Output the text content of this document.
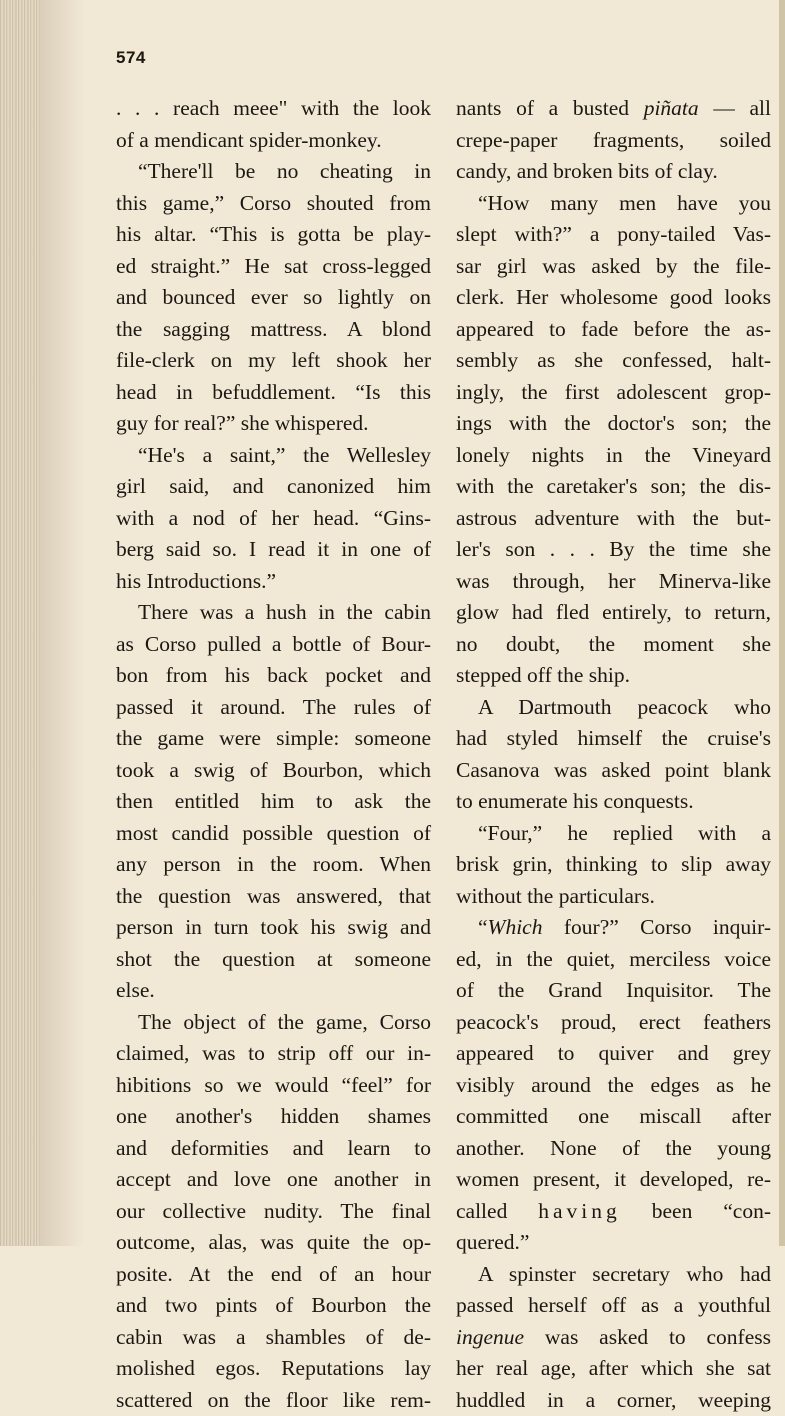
574
. . . reach meee" with the look
of a mendicant spider-monkey.
“There'll be no cheating in
this game,” Corso shouted from
his altar. “This is gotta be play-
ed straight.” He sat cross-legged
and bounced ever so lightly on
the sagging mattress. A blond
file-clerk on my left shook her
head in befuddlement. “Is this
guy for real?” she whispered.
“He's a saint,” the Wellesley
girl said, and canonized him
with a nod of her head. “Gins-
berg said so. I read it in one of
his Introductions.”
There was a hush in the cabin
as Corso pulled a bottle of Bour-
bon from his back pocket and
passed it around. The rules of
the game were simple: someone
took a swig of Bourbon, which
then entitled him to ask the
most candid possible question of
any person in the room. When
the question was answered, that
person in turn took his swig and
shot the question at someone
else.
The object of the game, Corso
claimed, was to strip off our in-
hibitions so we would “feel” for
one another's hidden shames
and deformities and learn to
accept and love one another in
our collective nudity. The final
outcome, alas, was quite the op-
posite. At the end of an hour
and two pints of Bourbon the
cabin was a shambles of de-
molished egos. Reputations lay
scattered on the floor like rem-
nants of a busted piñata — all
crepe-paper fragments, soiled
candy, and broken bits of clay.
“How many men have you
slept with?” a pony-tailed Vas-
sar girl was asked by the file-
clerk. Her wholesome good looks
appeared to fade before the as-
sembly as she confessed, halt-
ingly, the first adolescent grop-
ings with the doctor's son; the
lonely nights in the Vineyard
with the caretaker's son; the dis-
astrous adventure with the but-
ler's son . . . By the time she
was through, her Minerva-like
glow had fled entirely, to return,
no doubt, the moment she
stepped off the ship.
A Dartmouth peacock who
had styled himself the cruise's
Casanova was asked point blank
to enumerate his conquests.
“Four,” he replied with a
brisk grin, thinking to slip away
without the particulars.
“Which four?” Corso inquir-
ed, in the quiet, merciless voice
of the Grand Inquisitor. The
peacock's proud, erect feathers
appeared to quiver and grey
visibly around the edges as he
committed one miscall after
another. None of the young
women present, it developed, re-
called having been “con-
quered.”
A spinster secretary who had
passed herself off as a youthful
ingenue was asked to confess
her real age, after which she sat
huddled in a corner, weeping
